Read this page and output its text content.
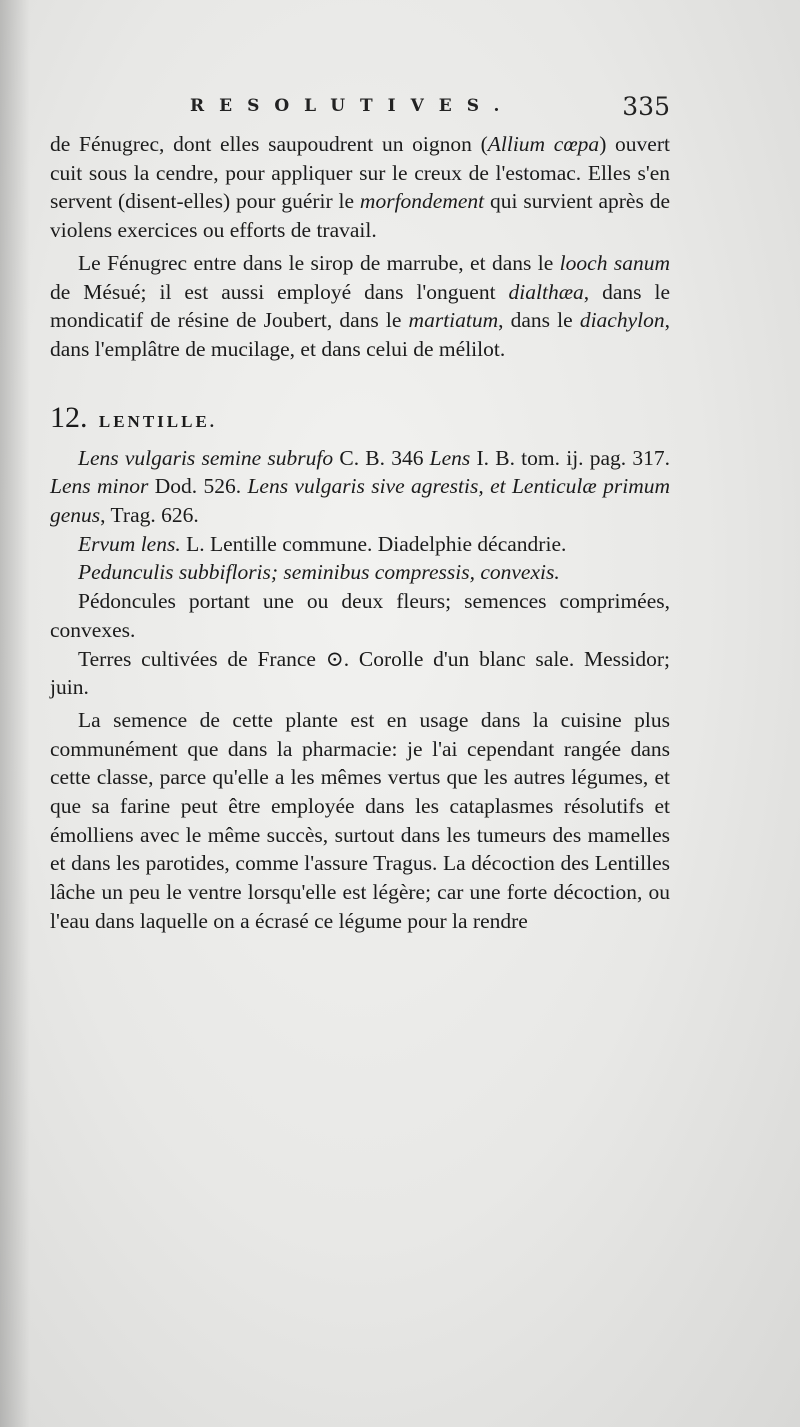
RESOLUTIVES.	335

de Fénugrec, dont elles saupoudrent un oignon (Allium cœpa) ouvert cuit sous la cendre, pour appliquer sur le creux de l'estomac. Elles s'en servent (disent-elles) pour guérir le morfondement qui survient après de violens exercices ou efforts de travail.

Le Fénugrec entre dans le sirop de marrube, et dans le looch sanum de Mésué; il est aussi employé dans l'onguent dialthæa, dans le mondicatif de résine de Joubert, dans le martiatum, dans le diachylon, dans l'emplâtre de mucilage, et dans celui de mélilot.

12. LENTILLE.

Lens vulgaris semine subrufo C. B. 346 Lens I. B. tom. ij. pag. 317. Lens minor Dod. 526. Lens vulgaris sive agrestis, et Lenticulæ primum genus, Trag. 626.

Ervum lens. L. Lentille commune. Diadelphie décandrie.

Pedunculis subbifloris; seminibus compressis, convexis.

Pédoncules portant une ou deux fleurs; semences comprimées, convexes.

Terres cultivées de France ⊙. Corolle d'un blanc sale. Messidor; juin.

La semence de cette plante est en usage dans la cuisine plus communément que dans la pharmacie: je l'ai cependant rangée dans cette classe, parce qu'elle a les mêmes vertus que les autres légumes, et que sa farine peut être employée dans les cataplasmes résolutifs et émolliens avec le même succès, surtout dans les tumeurs des mamelles et dans les parotides, comme l'assure Tragus. La décoction des Lentilles lâche un peu le ventre lorsqu'elle est légère; car une forte décoction, ou l'eau dans laquelle on a écrasé ce légume pour la rendre
